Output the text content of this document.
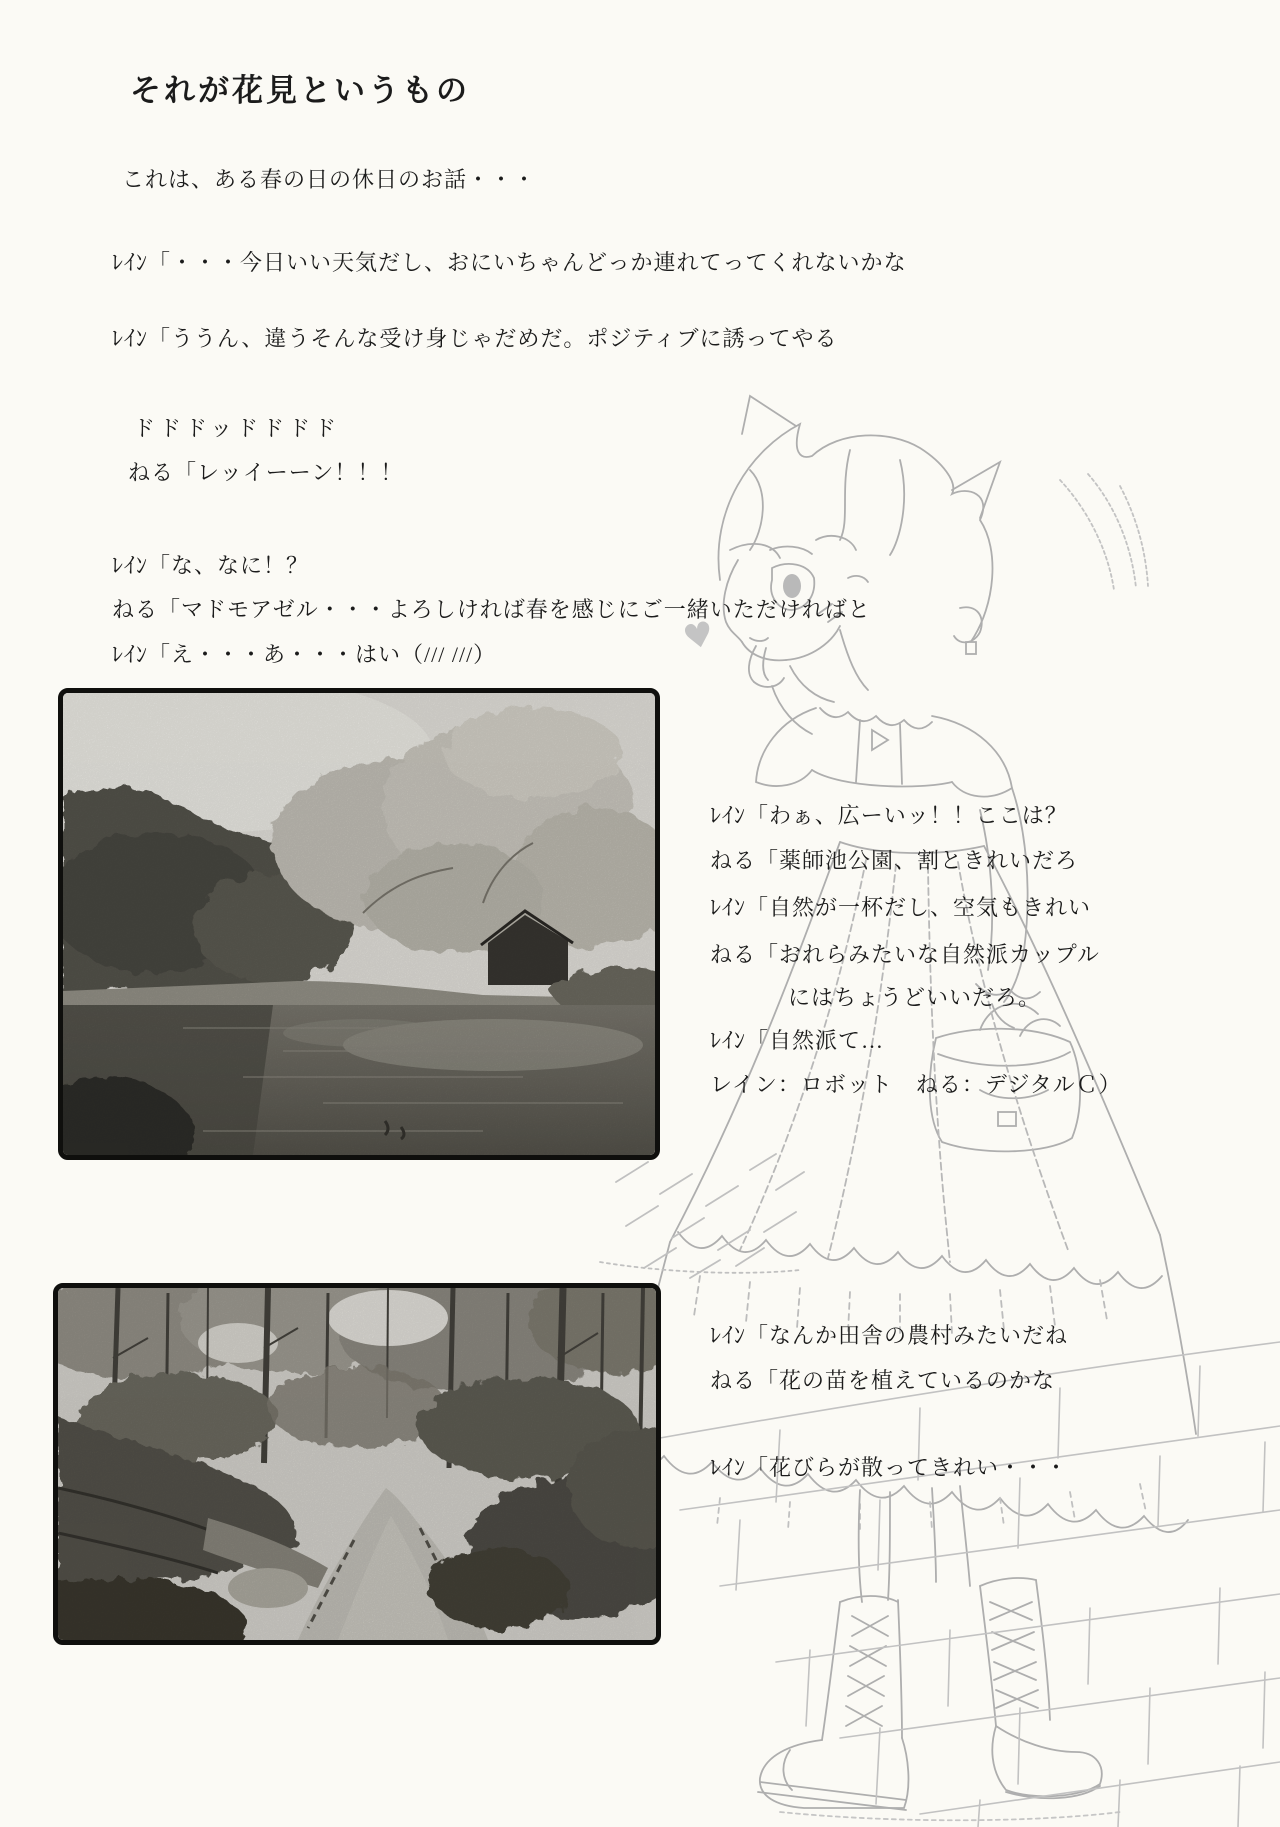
♥
それが花見というもの
これは、ある春の日の休日のお話・・・
ﾚｲﾝ「・・・今日いい天気だし、おにいちゃんどっか連れてってくれないかな
ﾚｲﾝ「ううん、違うそんな受け身じゃだめだ。ポジティブに誘ってやる
ドドドッドドドド
ねる「レッイーーン！！！
ﾚｲﾝ「な、なに！？
ねる「マドモアゼル・・・よろしければ春を感じにご一緒いただければと
ﾚｲﾝ「え・・・あ・・・はい（/// ///）
ﾚｲﾝ「わぁ、広ーいッ！！ここは？
ねる「薬師池公園、割ときれいだろ
ﾚｲﾝ「自然が一杯だし、空気もきれい
ねる「おれらみたいな自然派カップル
にはちょうどいいだろ。
ﾚｲﾝ「自然派て…
レイン：ロボット　ねる：デジタルＣ）
ﾚｲﾝ「なんか田舎の農村みたいだね
ねる「花の苗を植えているのかな
ﾚｲﾝ「花びらが散ってきれい・・・
